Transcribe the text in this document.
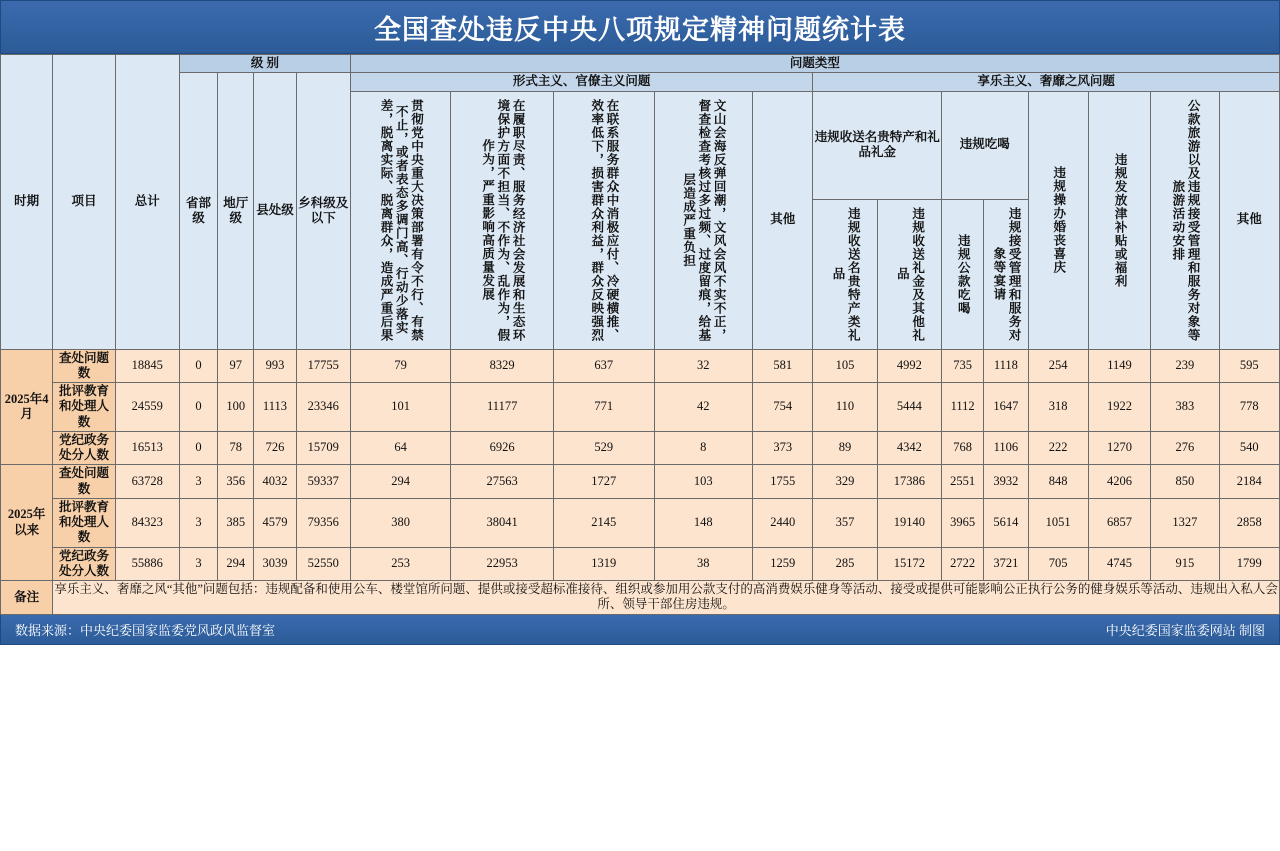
全国查处违反中央八项规定精神问题统计表
时期	项目	总计	级 别				问题类型												
			省部级	地厅级	县处级	乡科级及以下	形式主义、官僚主义问题					享乐主义、奢靡之风问题							
							贯彻党中央重大决策部署有令不行、有禁不止，或者表态多调门高、行动少落实差，脱离实际、脱离群众，造成严重后果	在履职尽责、服务经济社会发展和生态环境保护方面不担当、不作为、乱作为，假作为，严重影响高质量发展	在联系服务群众中消极应付、冷硬横推、效率低下，损害群众利益，群众反映强烈	文山会海反弹回潮，文风会风不实不正，督查检查考核过多过频、过度留痕，给基层造成严重负担	其他	违规收送名贵特产和礼品礼金		违规吃喝		违规操办婚丧喜庆	违规发放津补贴或福利	公款旅游以及违规接受管理和服务对象等旅游活动安排	其他
												违规收送名贵特产类礼品	违规收送礼金及其他礼品	违规公款吃喝	违规接受管理和服务对象等宴请				
2025年4月	查处问题数	18845	0	97	993	17755	79	8329	637	32	581	105	4992	735	1118	254	1149	239	595
	批评教育和处理人数	24559	0	100	1113	23346	101	11177	771	42	754	110	5444	1112	1647	318	1922	383	778
	党纪政务处分人数	16513	0	78	726	15709	64	6926	529	8	373	89	4342	768	1106	222	1270	276	540
2025年以来	查处问题数	63728	3	356	4032	59337	294	27563	1727	103	1755	329	17386	2551	3932	848	4206	850	2184
	批评教育和处理人数	84323	3	385	4579	79356	380	38041	2145	148	2440	357	19140	3965	5614	1051	6857	1327	2858
	党纪政务处分人数	55886	3	294	3039	52550	253	22953	1319	38	1259	285	15172	2722	3721	705	4745	915	1799
备注	享乐主义、奢靡之风“其他”问题包括：违规配备和使用公车、楼堂馆所问题、提供或接受超标准接待、组织或参加用公款支付的高消费娱乐健身等活动、接受或提供可能影响公正执行公务的健身娱乐等活动、违规出入私人会所、领导干部住房违规。																		
数据来源：中央纪委国家监委党风政风监督室	中央纪委国家监委网站 制图
